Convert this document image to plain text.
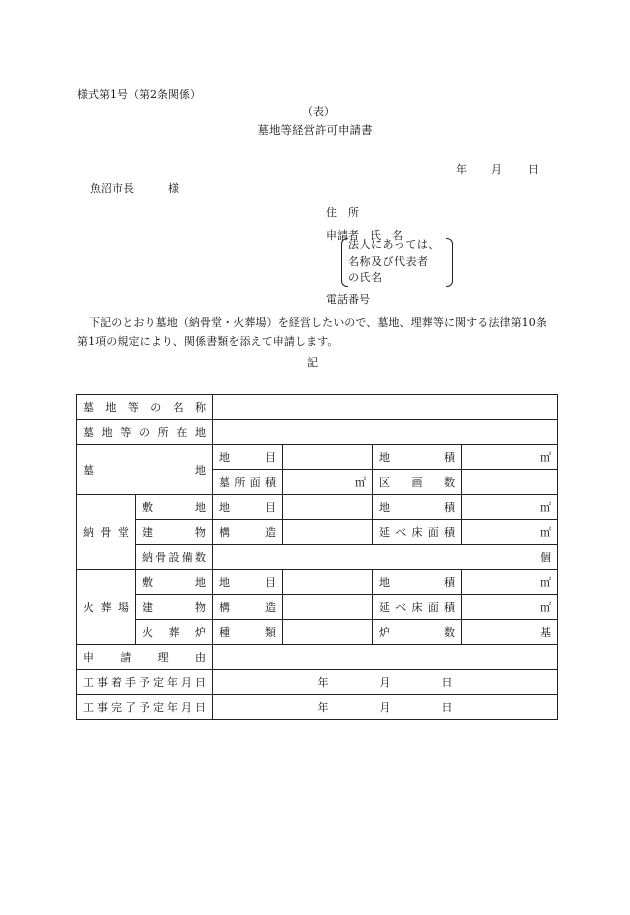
様式第1号（第2条関係）
（表）
墓地等経営許可申請書
年 月 日
魚沼市長	様
住　所
申請者　氏　名
法人にあっては、
名称及び代表者
の氏名
電話番号
下記のとおり墓地（納骨堂・火葬場）を経営したいので、墓地、埋葬等に関する法律第10条第1項の規定により、関係書類を添えて申請します。
記
墓地等の名称					
墓地等の所在地					
墓地		地目		地積	㎡
		墓所面積	㎡	区画数	
納骨堂	敷地	地目		地積	㎡
	建物	構造		延べ床面積	㎡
	納骨設備数	個			
火葬場	敷地	地目		地積	㎡
	建物	構造		延べ床面積	㎡
	火葬炉	種類		炉数	基
申請理由					
工事着手予定年月日		年 月 日			
工事完了予定年月日		年 月 日			
